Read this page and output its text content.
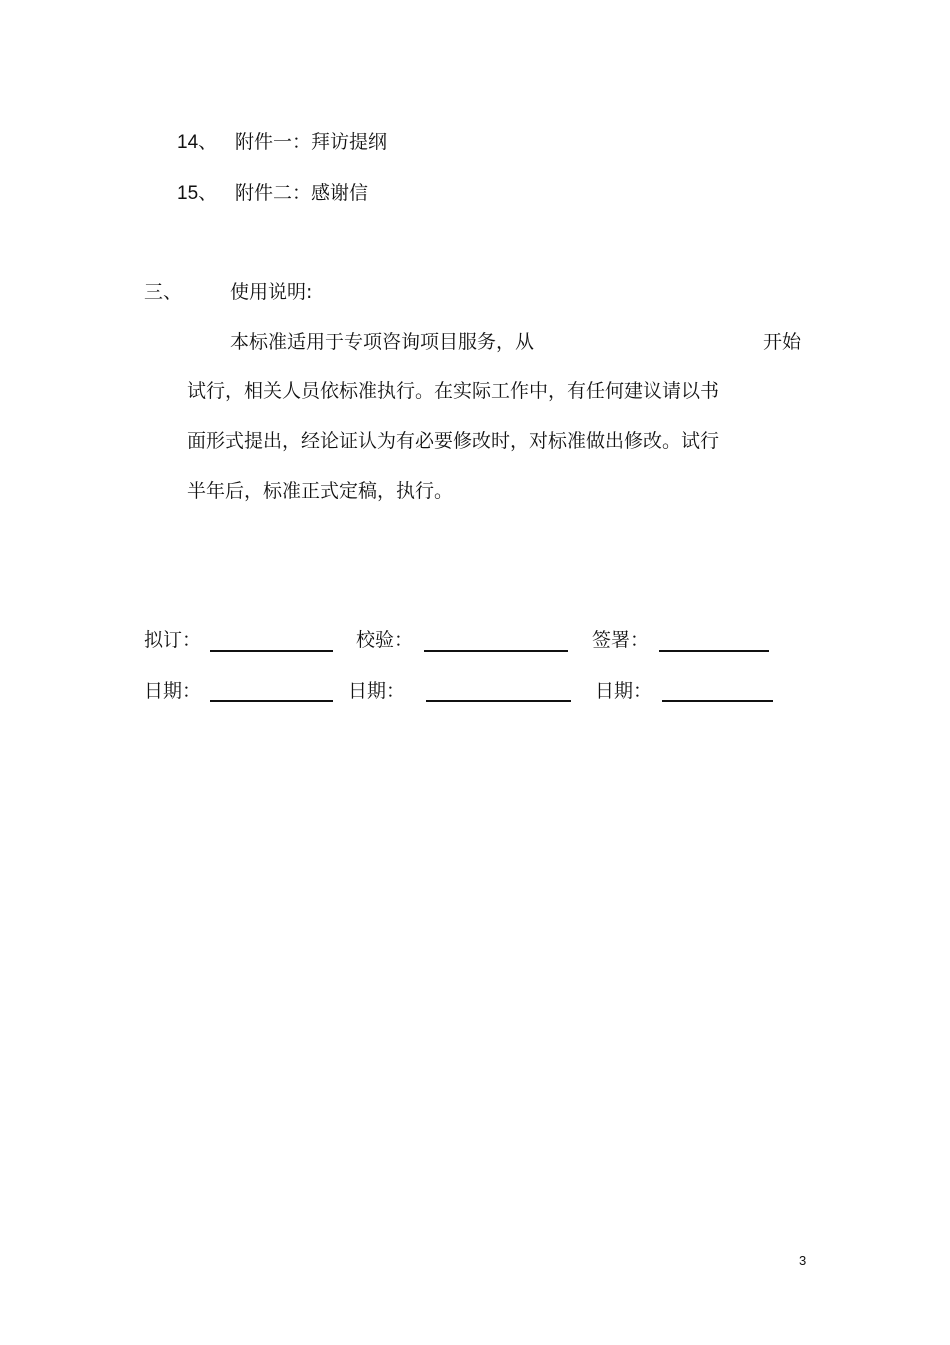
14、 附件一：拜访提纲
15、 附件二：感谢信
三、	使用说明:
本标准适用于专项咨询项目服务，从	开始
试行，相关人员依标准执行。在实际工作中，有任何建议请以书
面形式提出，经论证认为有必要修改时，对标准做出修改。试行
半年后，标准正式定稿，执行。
拟订：	校验：	签署：
日期：	日期：	日期：
3
